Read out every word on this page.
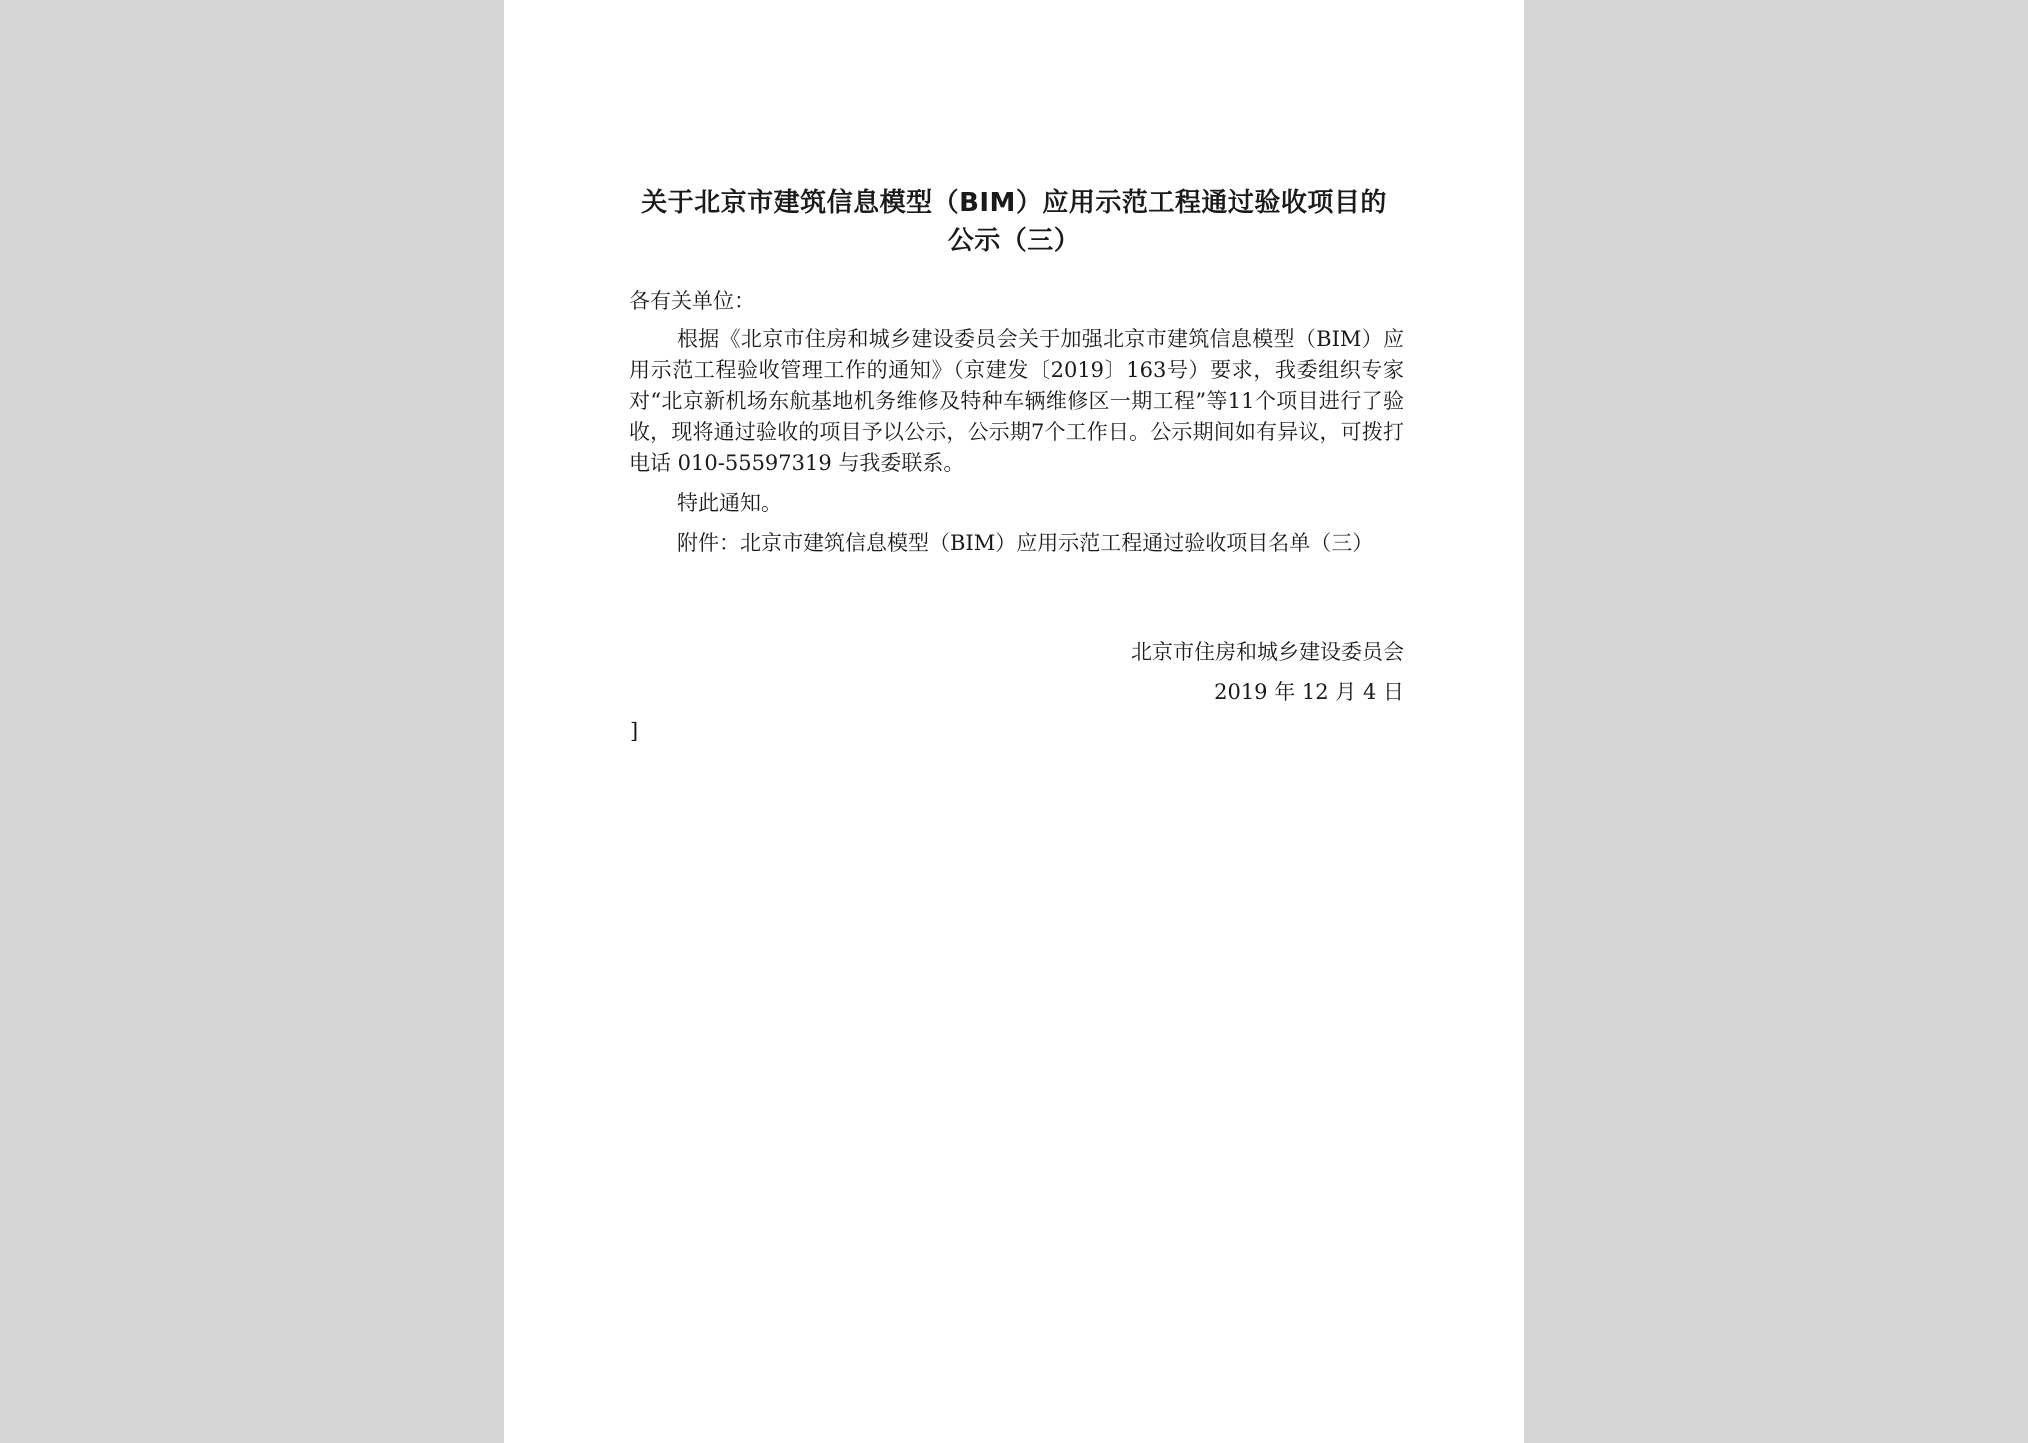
关于北京市建筑信息模型（BIM）应用示范工程通过验收项目的
公示（三）

各有关单位：

根据《北京市住房和城乡建设委员会关于加强北京市建筑信息模型（BIM）应用示范工程验收管理工作的通知》（京建发〔2019〕163号）要求，我委组织专家对“北京新机场东航基地机务维修及特种车辆维修区一期工程”等11个项目进行了验收，现将通过验收的项目予以公示，公示期7个工作日。公示期间如有异议，可拨打电话 010-55597319 与我委联系。

特此通知。

附件：北京市建筑信息模型（BIM）应用示范工程通过验收项目名单（三）

北京市住房和城乡建设委员会
2019 年 12 月 4 日
]
